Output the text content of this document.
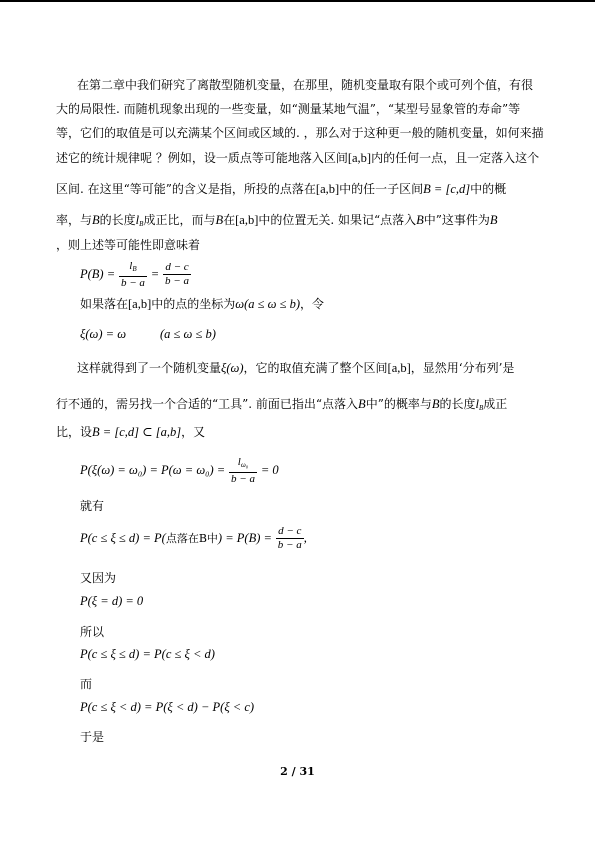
在第二章中我们研究了离散型随机变量，在那里，随机变量取有限个或可列个值，有很
大的局限性. 而随机现象出现的一些变量，如“测量某地气温”，“某型号显象管的寿命”等
等，它们的取值是可以充满某个区间或区域的. ，那么对于这种更一般的随机变量，如何来描
述它的统计规律呢 ？例如，设一质点等可能地落入区间[a,b]内的任何一点，且一定落入这个
区间. 在这里“等可能”的含义是指，所投的点落在[a,b]中的任一子区间B = [c,d]中的概
率，与B的长度$l_B$成正比，而与B在[a,b]中的位置无关. 如果记“点落入B中”这事件为B
，则上述等可能性即意味着
$P(B) = \frac{l_B}{b - a} = \frac{d - c}{b - a}$
如果落在[a,b]中的点的坐标为ω(a ≤ ω ≤ b)，令
ξ(ω) = ω	(a ≤ ω ≤ b)
这样就得到了一个随机变量ξ(ω)，它的取值充满了整个区间[a,b]，显然用‘分布列’是
行不通的，需另找一个合适的“工具”. 前面已指出“点落入B中”的概率与B的长度$l_B$成正
比，设B = [c,d] ⊂ [a,b]，又
$P(\xi(\omega) = \omega_0) = P(\omega = \omega_0) = \frac{l_{\omega_0}}{b - a} = 0$
就有
P(c ≤ ξ ≤ d) = P(点落在B中) = $P(B) = \frac{d - c}{b - a}$ ,
又因为
P(ξ = d) = 0
所以
P(c ≤ ξ ≤ d) = P(c ≤ ξ < d)
而
P(c ≤ ξ < d) = P(ξ < d) − P(ξ < c)
于是
2 / 31
